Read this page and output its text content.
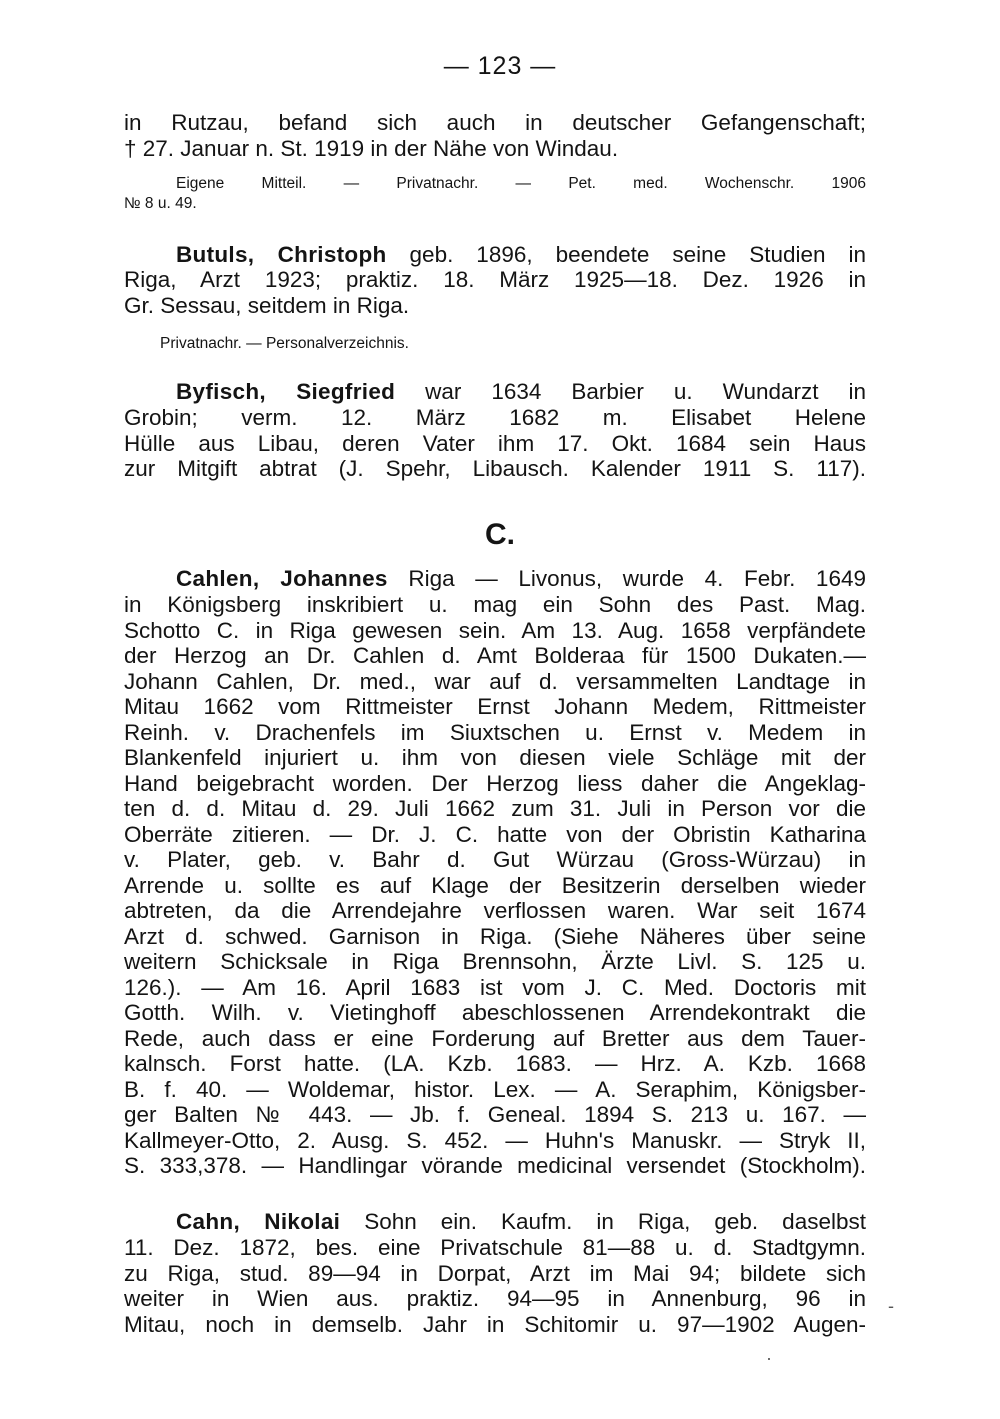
— 123 —
in Rutzau, befand sich auch in deutscher Gefangenschaft;
† 27. Januar n. St. 1919 in der Nähe von Windau.
Eigene Mitteil. — Privatnachr. — Pet. med. Wochenschr. 1906
№ 8 u. 49.
Butuls, Christoph geb. 1896, beendete seine Studien in
Riga, Arzt 1923; praktiz. 18. März 1925—18. Dez. 1926 in
Gr. Sessau, seitdem in Riga.
Privatnachr. — Personalverzeichnis.
Byfisch, Siegfried war 1634 Barbier u. Wundarzt in
Grobin; verm. 12. März 1682 m. Elisabet Helene
Hülle aus Libau, deren Vater ihm 17. Okt. 1684 sein Haus
zur Mitgift abtrat (J. Spehr, Libausch. Kalender 1911 S. 117).
C.
Cahlen, Johannes Riga — Livonus, wurde 4. Febr. 1649
in Königsberg inskribiert u. mag ein Sohn des Past. Mag.
Schotto C. in Riga gewesen sein. Am 13. Aug. 1658 verpfändete
der Herzog an Dr. Cahlen d. Amt Bolderaa für 1500 Dukaten.—
Johann Cahlen, Dr. med., war auf d. versammelten Landtage in
Mitau 1662 vom Rittmeister Ernst Johann Medem, Rittmeister
Reinh. v. Drachenfels im Siuxtschen u. Ernst v. Medem in
Blankenfeld injuriert u. ihm von diesen viele Schläge mit der
Hand beigebracht worden. Der Herzog liess daher die Angeklag-
ten d. d. Mitau d. 29. Juli 1662 zum 31. Juli in Person vor die
Oberräte zitieren. — Dr. J. C. hatte von der Obristin Katharina
v. Plater, geb. v. Bahr d. Gut Würzau (Gross-Würzau) in
Arrende u. sollte es auf Klage der Besitzerin derselben wieder
abtreten, da die Arrendejahre verflossen waren. War seit 1674
Arzt d. schwed. Garnison in Riga. (Siehe Näheres über seine
weitern Schicksale in Riga Brennsohn, Ärzte Livl. S. 125 u.
126.). — Am 16. April 1683 ist vom J. C. Med. Doctoris mit
Gotth. Wilh. v. Vietinghoff abeschlossenen Arrendekontrakt die
Rede, auch dass er eine Forderung auf Bretter aus dem Tauer-
kalnsch. Forst hatte. (LA. Kzb. 1683. — Hrz. A. Kzb. 1668
B. f. 40. — Woldemar, histor. Lex. — A. Seraphim, Königsber-
ger Balten № 443. — Jb. f. Geneal. 1894 S. 213 u. 167. —
Kallmeyer-Otto, 2. Ausg. S. 452. — Huhn's Manuskr. — Stryk II,
S. 333,378. — Handlingar vörande medicinal versendet (Stockholm).
Cahn, Nikolai Sohn ein. Kaufm. in Riga, geb. daselbst
11. Dez. 1872, bes. eine Privatschule 81—88 u. d. Stadtgymn.
zu Riga, stud. 89—94 in Dorpat, Arzt im Mai 94; bildete sich
weiter in Wien aus. praktiz. 94—95 in Annenburg, 96 in
Mitau, noch in demselb. Jahr in Schitomir u. 97—1902 Augen-
-
·
